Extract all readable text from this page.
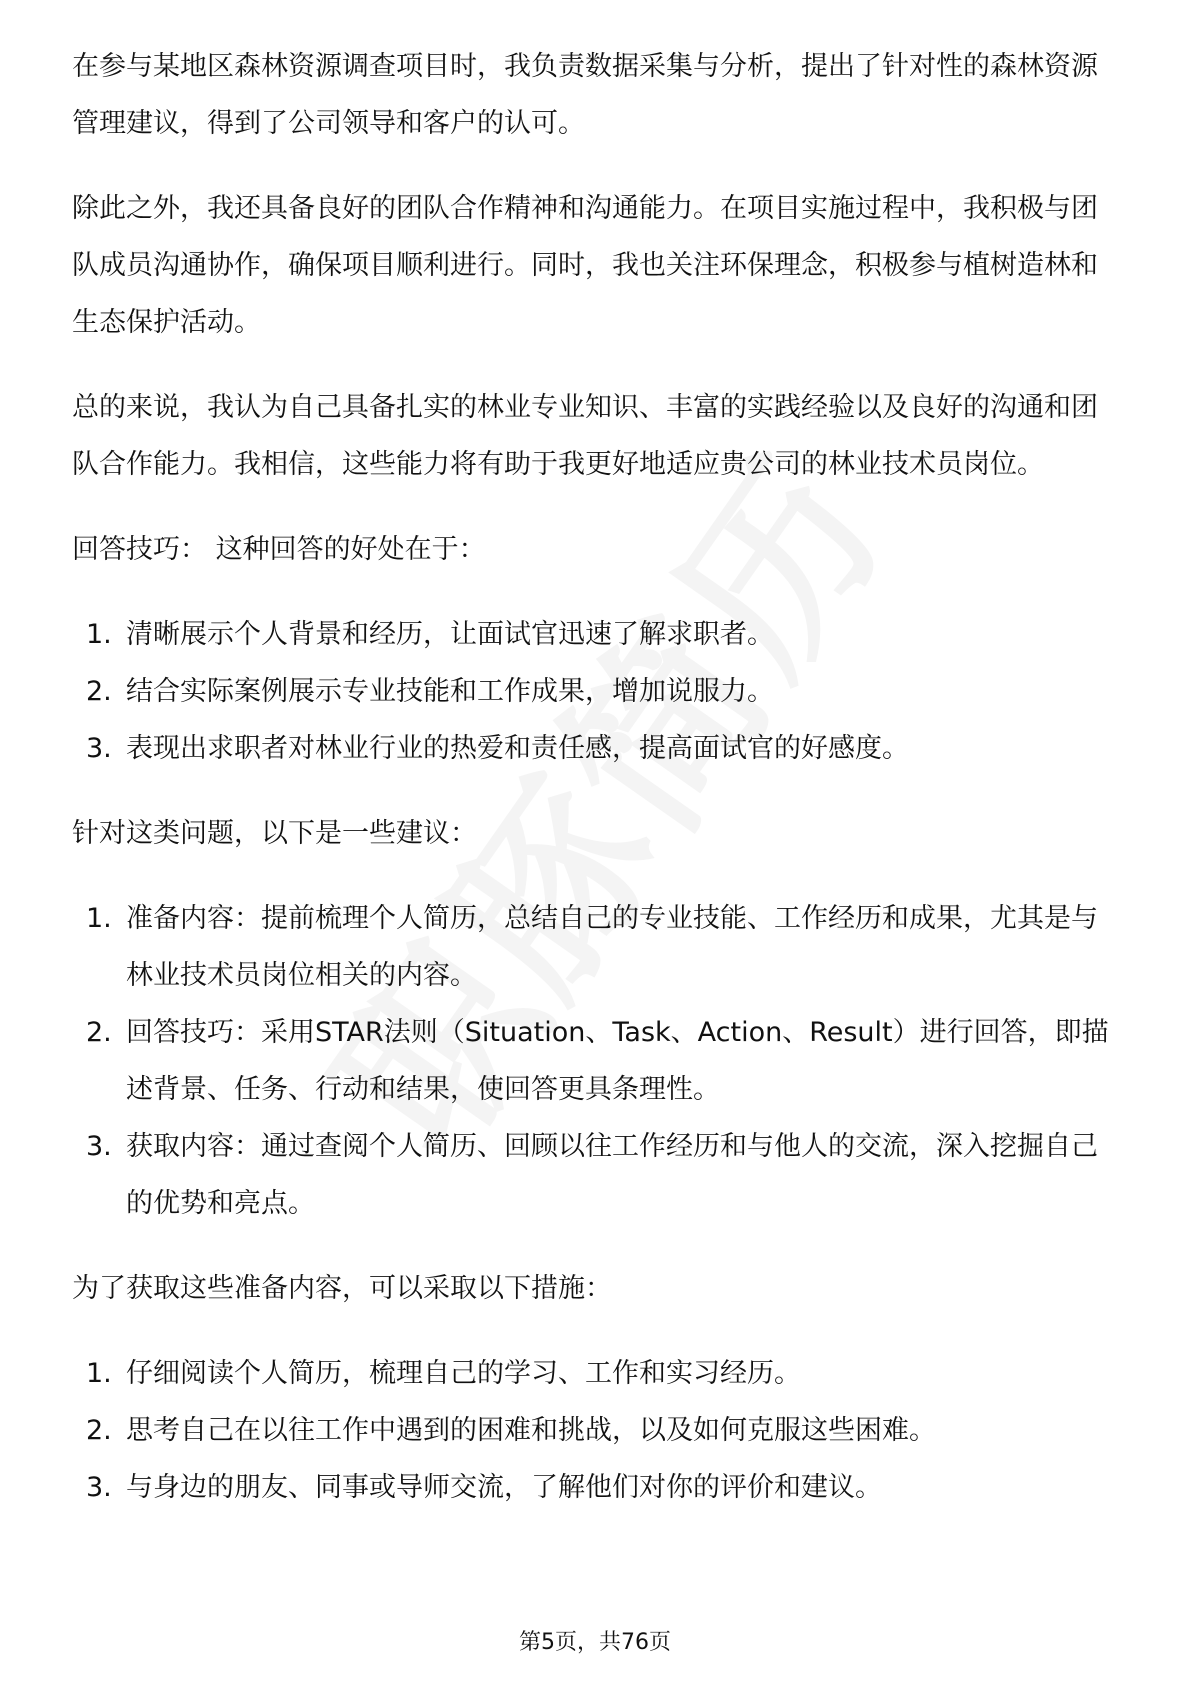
在参与某地区森林资源调查项目时，我负责数据采集与分析，提出了针对性的森林资源管理建议，得到了公司领导和客户的认可。

除此之外，我还具备良好的团队合作精神和沟通能力。在项目实施过程中，我积极与团队成员沟通协作，确保项目顺利进行。同时，我也关注环保理念，积极参与植树造林和生态保护活动。

总的来说，我认为自己具备扎实的林业专业知识、丰富的实践经验以及良好的沟通和团队合作能力。我相信，这些能力将有助于我更好地适应贵公司的林业技术员岗位。

回答技巧： 这种回答的好处在于：

1. 清晰展示个人背景和经历，让面试官迅速了解求职者。
2. 结合实际案例展示专业技能和工作成果，增加说服力。
3. 表现出求职者对林业行业的热爱和责任感，提高面试官的好感度。

针对这类问题，以下是一些建议：

1. 准备内容：提前梳理个人简历，总结自己的专业技能、工作经历和成果，尤其是与林业技术员岗位相关的内容。
2. 回答技巧：采用STAR法则（Situation、Task、Action、Result）进行回答，即描述背景、任务、行动和结果，使回答更具条理性。
3. 获取内容：通过查阅个人简历、回顾以往工作经历和与他人的交流，深入挖掘自己的优势和亮点。

为了获取这些准备内容，可以采取以下措施：

1. 仔细阅读个人简历，梳理自己的学习、工作和实习经历。
2. 思考自己在以往工作中遇到的困难和挑战，以及如何克服这些困难。
3. 与身边的朋友、同事或导师交流，了解他们对你的评价和建议。
第5页，共76页
